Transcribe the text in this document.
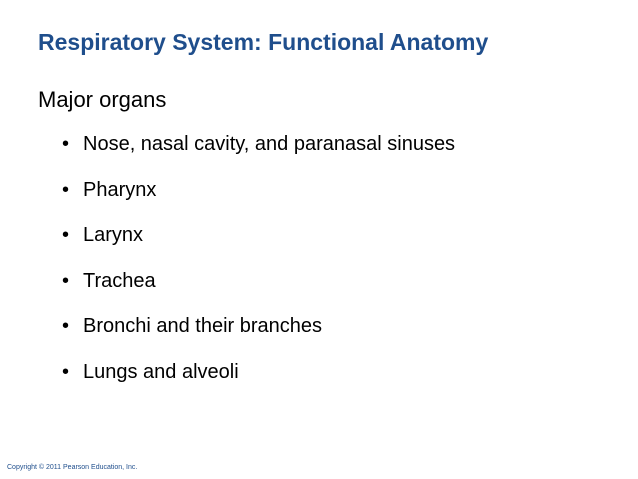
Respiratory System: Functional Anatomy
Major organs
• Nose, nasal cavity, and paranasal sinuses
• Pharynx
• Larynx
• Trachea
• Bronchi and their branches
• Lungs and alveoli
Copyright © 2011 Pearson Education, Inc.
